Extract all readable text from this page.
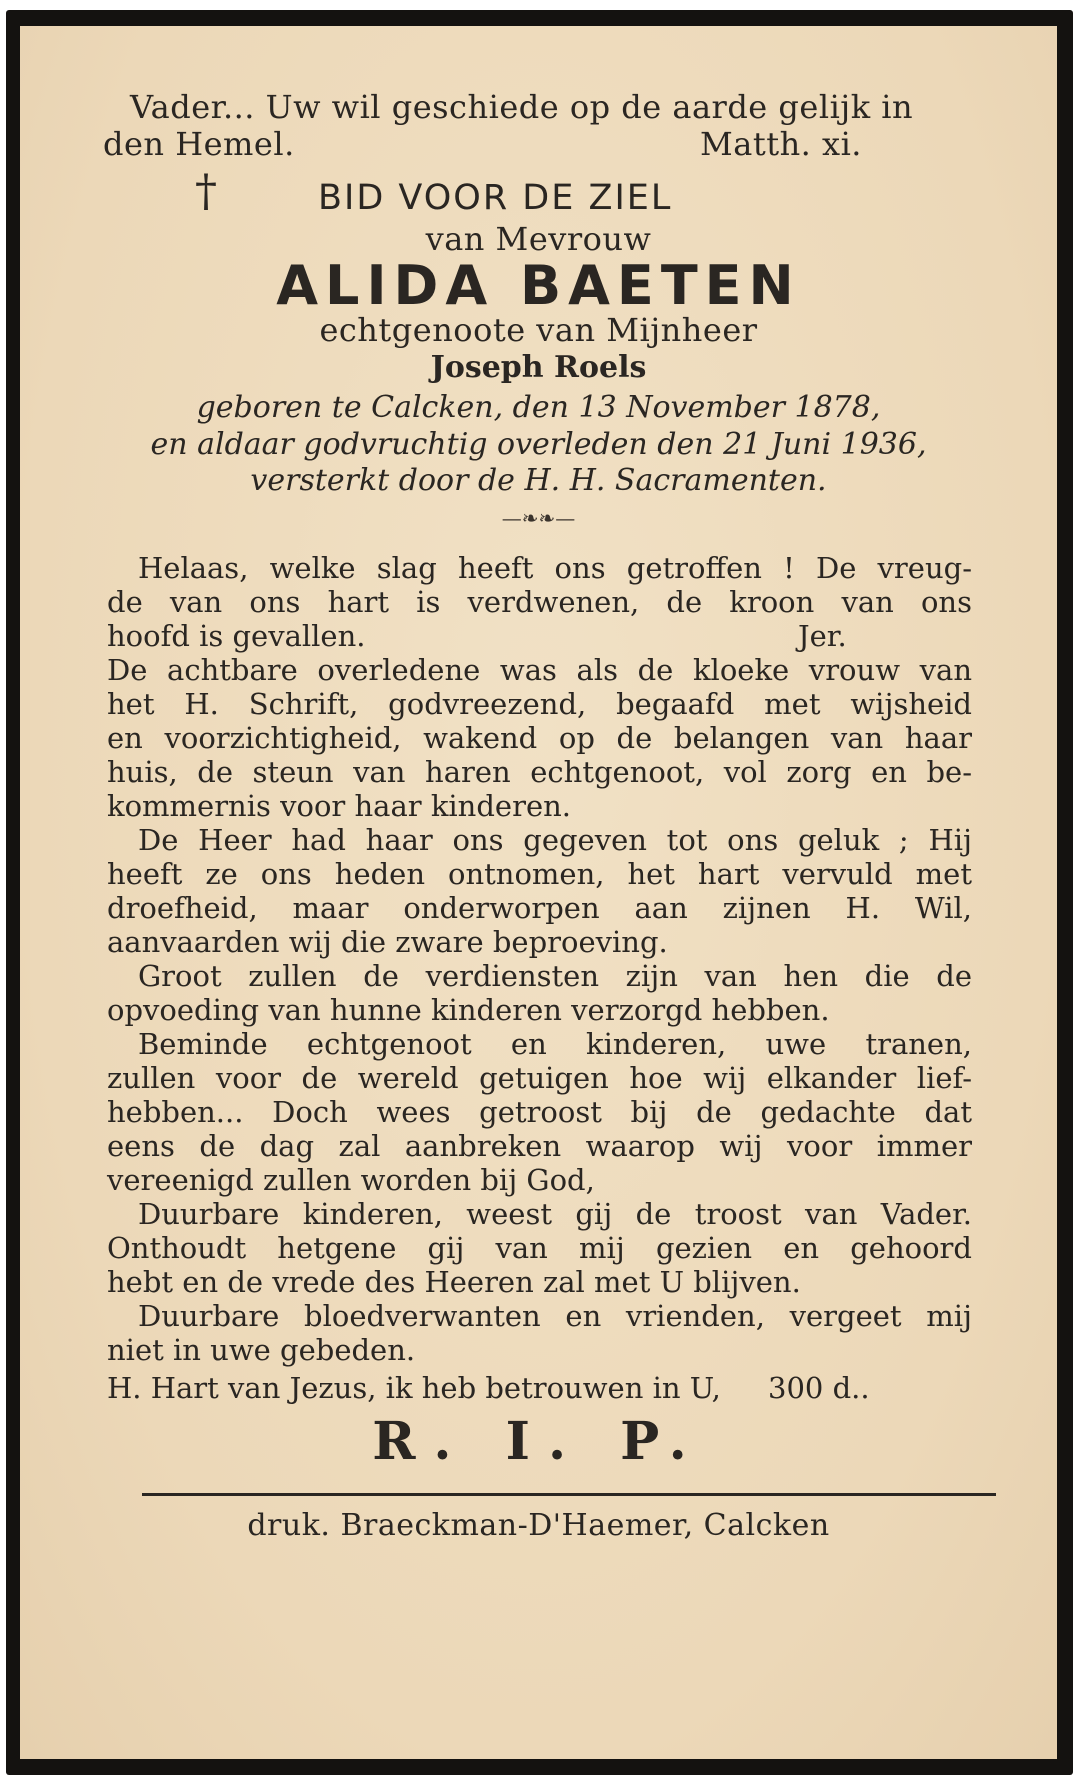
Vader... Uw wil geschiede op de aarde gelijk in
den Hemel.	Matth. xi.
†	BID VOOR DE ZIEL
van Mevrouw
ALIDA BAETEN
echtgenoote van Mijnheer
Joseph Roels
geboren te Calcken, den 13 November 1878,
en aldaar godvruchtig overleden den 21 Juni 1936,
versterkt door de H. H. Sacramenten.
—❧❧—
Helaas, welke slag heeft ons getroffen ! De vreug-
de van ons hart is verdwenen, de kroon van ons
hoofd is gevallen.	Jer.
De achtbare overledene was als de kloeke vrouw van
het H. Schrift, godvreezend, begaafd met wijsheid
en voorzichtigheid, wakend op de belangen van haar
huis, de steun van haren echtgenoot, vol zorg en be-
kommernis voor haar kinderen.
De Heer had haar ons gegeven tot ons geluk ; Hij
heeft ze ons heden ontnomen, het hart vervuld met
droefheid, maar onderworpen aan zijnen H. Wil,
aanvaarden wij die zware beproeving.
Groot zullen de verdiensten zijn van hen die de
opvoeding van hunne kinderen verzorgd hebben.
Beminde echtgenoot en kinderen, uwe tranen,
zullen voor de wereld getuigen hoe wij elkander lief-
hebben... Doch wees getroost bij de gedachte dat
eens de dag zal aanbreken waarop wij voor immer
vereenigd zullen worden bij God,
Duurbare kinderen, weest gij de troost van Vader.
Onthoudt hetgene gij van mij gezien en gehoord
hebt en de vrede des Heeren zal met U blijven.
Duurbare bloedverwanten en vrienden, vergeet mij
niet in uwe gebeden.
H. Hart van Jezus, ik heb betrouwen in U, 300 d..
R. I. P.
druk. Braeckman-D'Haemer, Calcken
